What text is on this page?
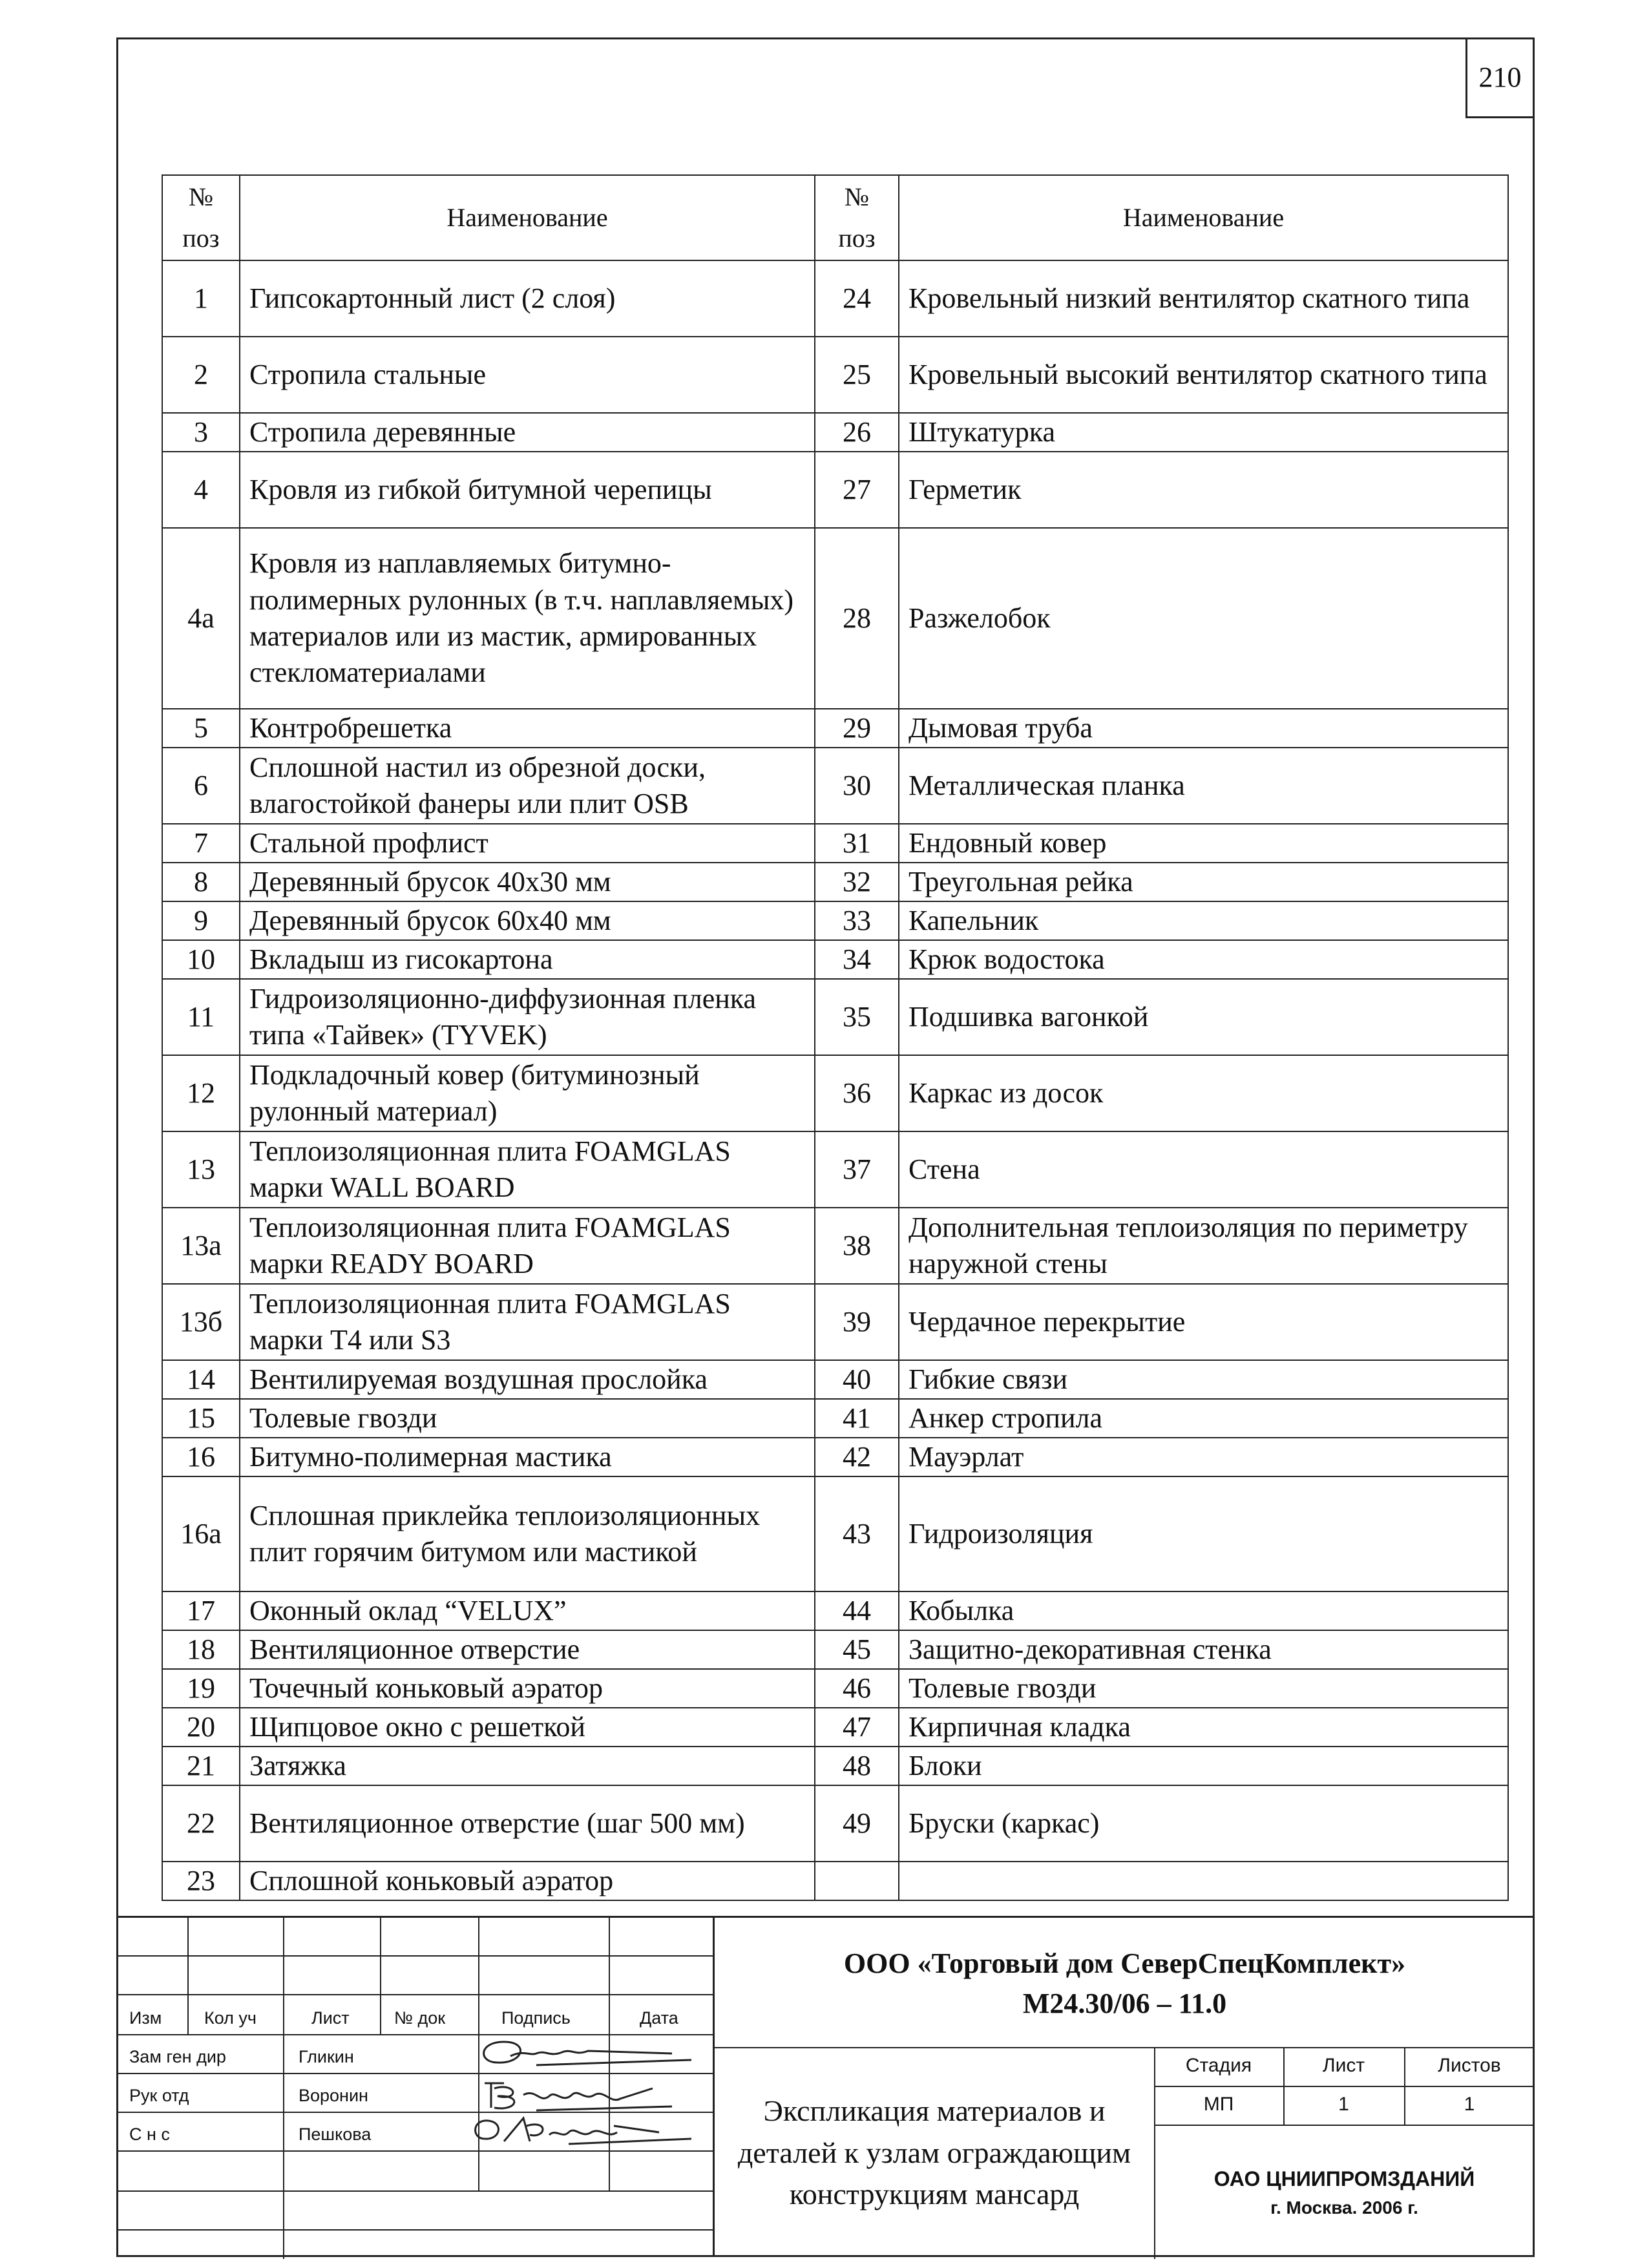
210
№ поз	Наименование	№ поз	Наименование
1	Гипсокартонный лист (2 слоя)	24	Кровельный низкий вентилятор скатного типа
2	Стропила стальные	25	Кровельный высокий вентилятор скатного типа
3	Стропила деревянные	26	Штукатурка
4	Кровля из гибкой битумной черепицы	27	Герметик
4а	Кровля из наплавляемых битумно-полимерных рулонных (в т.ч. наплавляемых) материалов или из мастик, армированных стекломатериалами	28	Разжелобок
5	Контробрешетка	29	Дымовая труба
6	Сплошной настил из обрезной доски, влагостойкой фанеры или плит OSB	30	Металлическая планка
7	Стальной профлист	31	Ендовный ковер
8	Деревянный брусок 40х30 мм	32	Треугольная рейка
9	Деревянный брусок 60х40 мм	33	Капельник
10	Вкладыш из гисокартона	34	Крюк водостока
11	Гидроизоляционно-диффузионная пленка типа «Тайвек» (TYVEK)	35	Подшивка вагонкой
12	Подкладочный ковер (битуминозный рулонный материал)	36	Каркас из досок
13	Теплоизоляционная плита FOAMGLAS марки WALL BOARD	37	Стена
13а	Теплоизоляционная плита FOAMGLAS марки READY BOARD	38	Дополнительная теплоизоляция по периметру наружной стены
13б	Теплоизоляционная плита FOAMGLAS марки T4 или S3	39	Чердачное перекрытие
14	Вентилируемая воздушная прослойка	40	Гибкие связи
15	Толевые гвозди	41	Анкер стропила
16	Битумно-полимерная мастика	42	Мауэрлат
16а	Сплошная приклейка теплоизоляционных плит горячим битумом или мастикой	43	Гидроизоляция
17	Оконный оклад “VELUX”	44	Кобылка
18	Вентиляционное отверстие	45	Защитно-декоративная стенка
19	Точечный коньковый аэратор	46	Толевые гвозди
20	Щипцовое окно с решеткой	47	Кирпичная кладка
21	Затяжка	48	Блоки
22	Вентиляционное отверстие (шаг 500 мм)	49	Бруски (каркас)
23	Сплошной коньковый аэратор		
Изм Кол уч	Лист	№ док	Подпись	Дата
Зам ген дир	Гликин
Рук отд	Воронин
С н с	Пешкова
ООО «Торговый дом СеверСпецКомплект»
М24.30/06 – 11.0
Экспликация материалов и деталей к узлам ограждающим конструкциям мансард
Стадия	Лист	Листов
МП	1	1
ОАО ЦНИИПРОМЗДАНИЙ
г. Москва. 2006 г.
